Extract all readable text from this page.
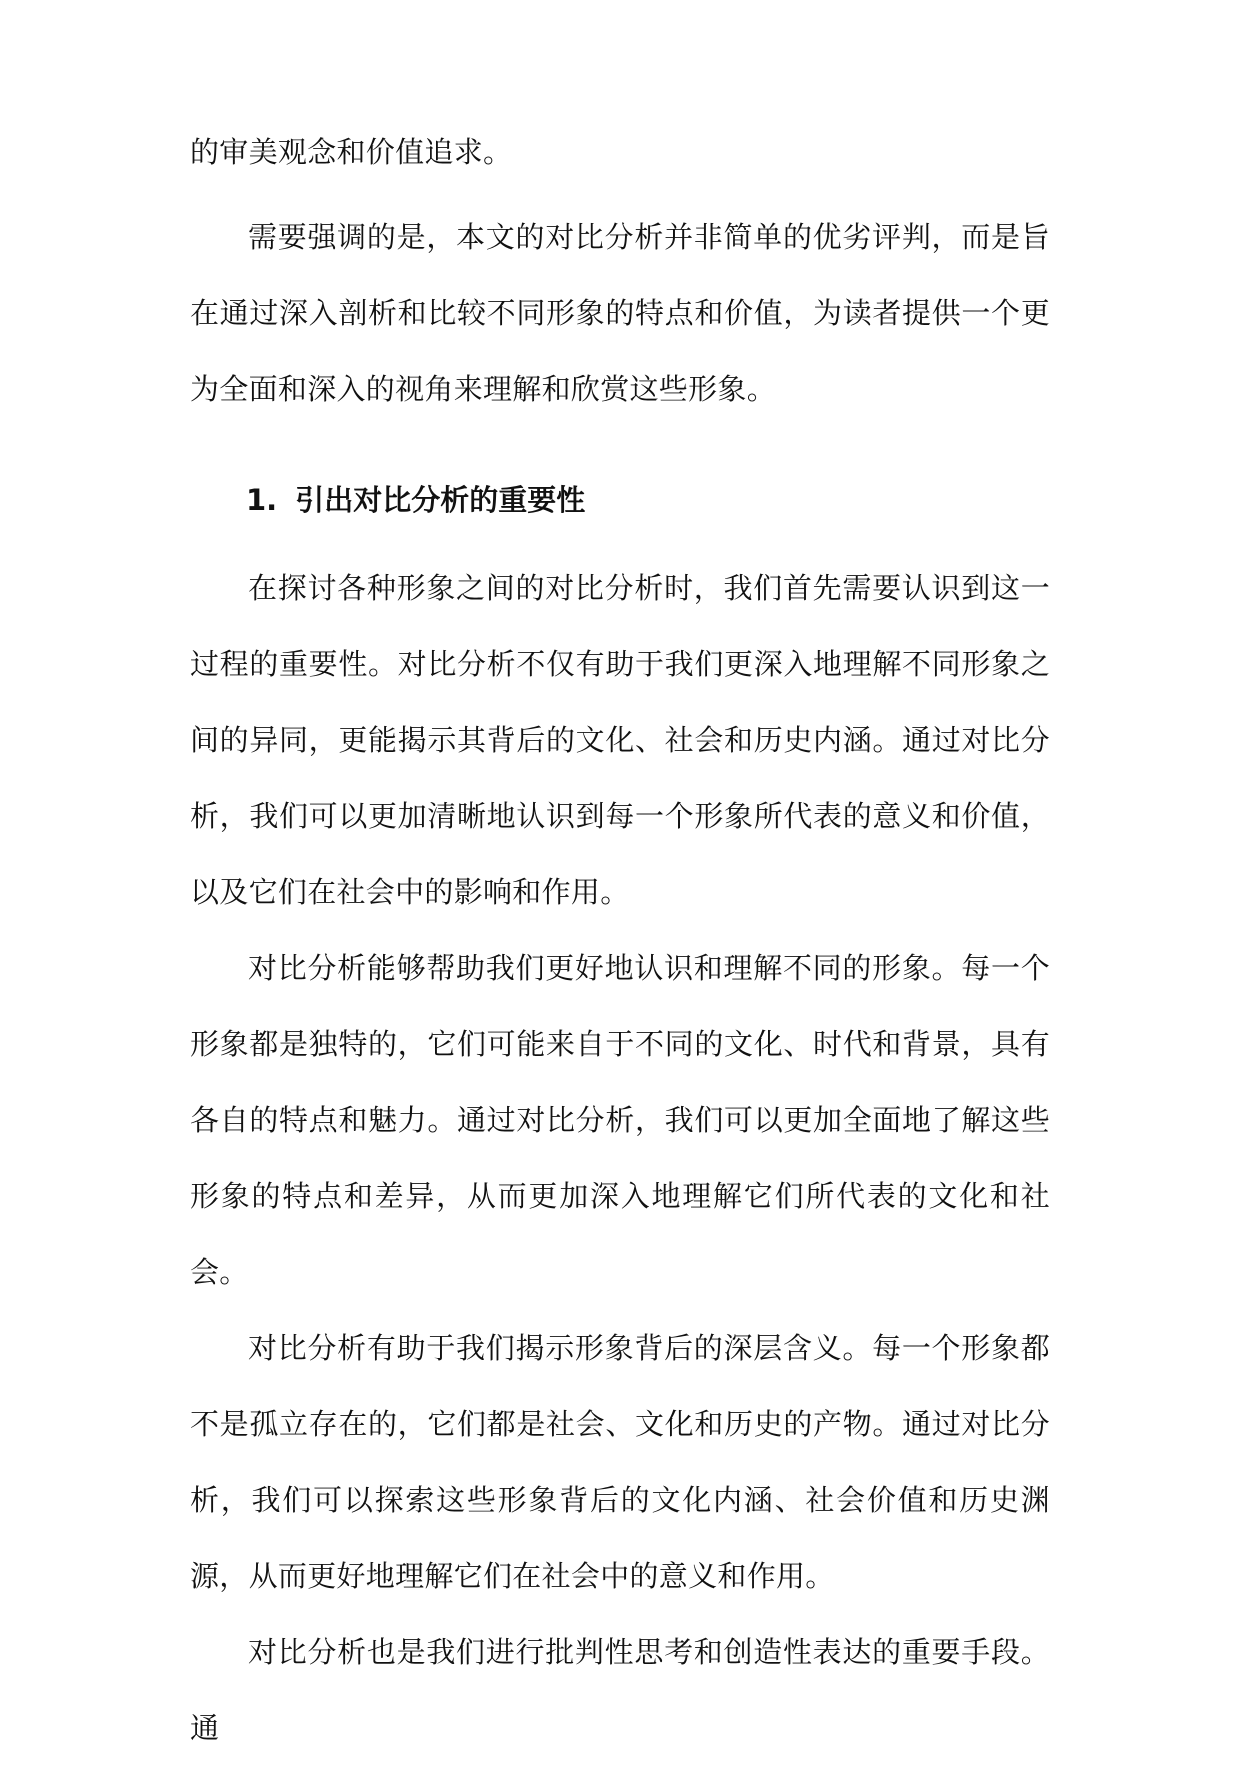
的审美观念和价值追求。

需要强调的是，本文的对比分析并非简单的优劣评判，而是旨在通过深入剖析和比较不同形象的特点和价值，为读者提供一个更为全面和深入的视角来理解和欣赏这些形象。

1. 引出对比分析的重要性

在探讨各种形象之间的对比分析时，我们首先需要认识到这一过程的重要性。对比分析不仅有助于我们更深入地理解不同形象之间的异同，更能揭示其背后的文化、社会和历史内涵。通过对比分析，我们可以更加清晰地认识到每一个形象所代表的意义和价值，以及它们在社会中的影响和作用。

对比分析能够帮助我们更好地认识和理解不同的形象。每一个形象都是独特的，它们可能来自于不同的文化、时代和背景，具有各自的特点和魅力。通过对比分析，我们可以更加全面地了解这些形象的特点和差异，从而更加深入地理解它们所代表的文化和社会。

对比分析有助于我们揭示形象背后的深层含义。每一个形象都不是孤立存在的，它们都是社会、文化和历史的产物。通过对比分析，我们可以探索这些形象背后的文化内涵、社会价值和历史渊源，从而更好地理解它们在社会中的意义和作用。

对比分析也是我们进行批判性思考和创造性表达的重要手段。通
